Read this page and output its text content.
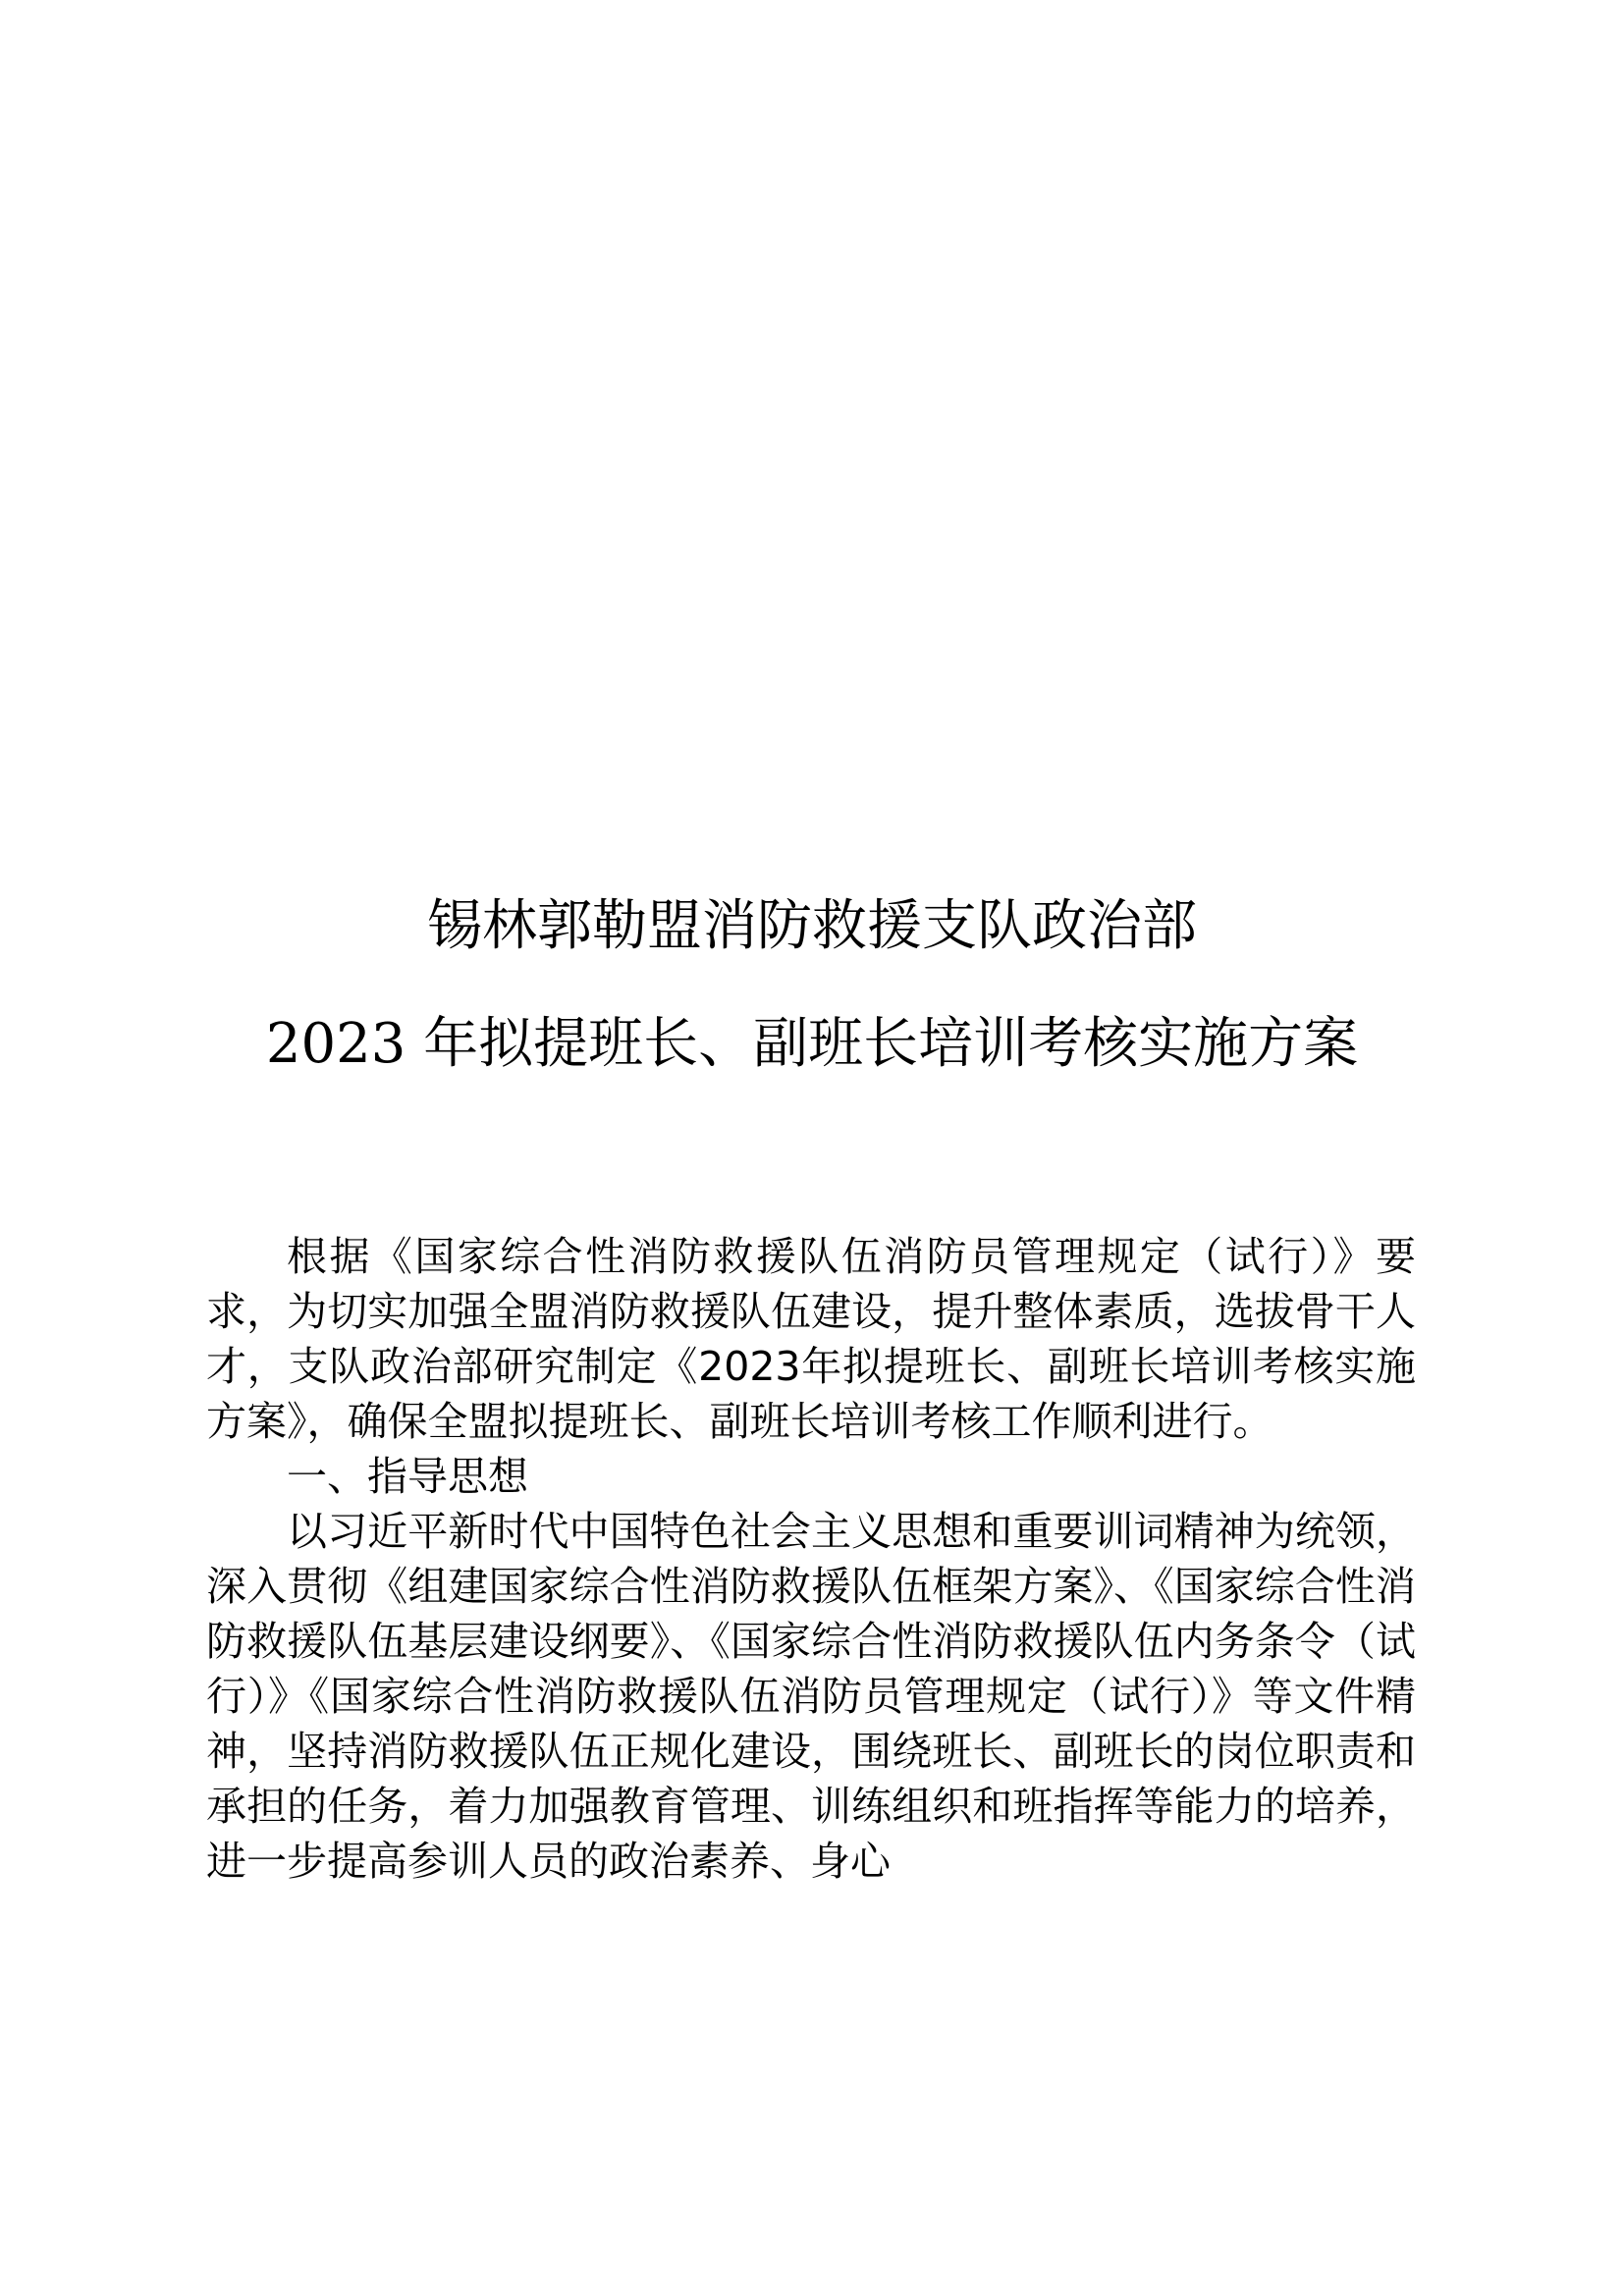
锡林郭勒盟消防救援支队政治部

2023 年拟提班长、副班长培训考核实施方案

根据《国家综合性消防救援队伍消防员管理规定（试行）》要求，为切实加强全盟消防救援队伍建设，提升整体素质，选拔骨干人才，支队政治部研究制定《2023年拟提班长、副班长培训考核实施方案》，确保全盟拟提班长、副班长培训考核工作顺利进行。

一、指导思想

以习近平新时代中国特色社会主义思想和重要训词精神为统领，深入贯彻《组建国家综合性消防救援队伍框架方案》、《国家综合性消防救援队伍基层建设纲要》、《国家综合性消防救援队伍内务条令（试行）》《国家综合性消防救援队伍消防员管理规定（试行）》等文件精神，坚持消防救援队伍正规化建设，围绕班长、副班长的岗位职责和承担的任务，着力加强教育管理、训练组织和班指挥等能力的培养，进一步提高参训人员的政治素养、身心
